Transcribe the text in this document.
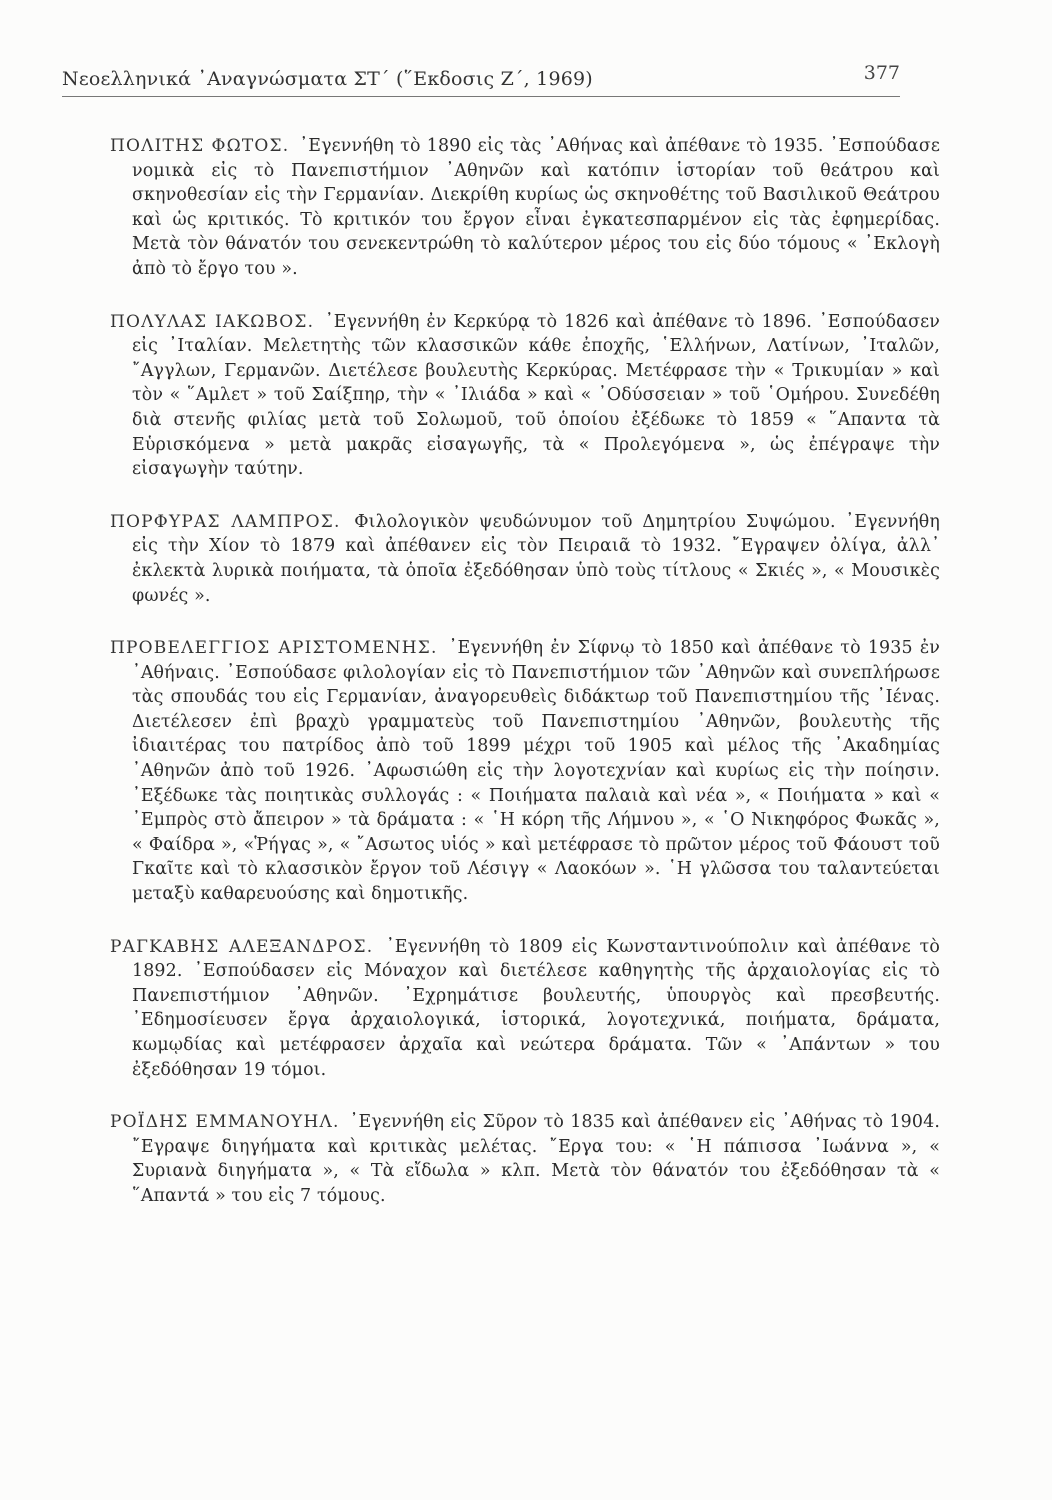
Νεοελληνικά ᾿Αναγνώσματα ΣΤ΄ (῞Εκδοσις Ζ΄, 1969)	377

ΠΟΛΙΤΗΣ ΦΩΤΟΣ. ᾿Εγεννήθη τὸ 1890 εἰς τὰς ᾿Αθήνας καὶ ἀπέθανε τὸ 1935. ᾿Εσπούδασε νομικὰ εἰς τὸ Πανεπιστήμιον ᾿Αθηνῶν καὶ κατόπιν ἱστορίαν τοῦ θεάτρου καὶ σκηνοθεσίαν εἰς τὴν Γερμανίαν. Διεκρίθη κυρίως ὡς σκηνοθέτης τοῦ Βασιλικοῦ Θεάτρου καὶ ὡς κριτικός. Τὸ κριτικόν του ἔργον εἶναι ἐγκατεσπαρμένον εἰς τὰς ἐφημερίδας. Μετὰ τὸν θάνατόν του σενεκεντρώθη τὸ καλύτερον μέρος του εἰς δύο τόμους « ᾿Εκλογὴ ἀπὸ τὸ ἔργο του ».

ΠΟΛΥΛΑΣ ΙΑΚΩΒΟΣ. ᾿Εγεννήθη ἐν Κερκύρᾳ τὸ 1826 καὶ ἀπέθανε τὸ 1896. ᾿Εσπούδασεν εἰς ᾿Ιταλίαν. Μελετητὴς τῶν κλασσικῶν κάθε ἐποχῆς, ῾Ελλήνων, Λατίνων, ᾿Ιταλῶν, ῎Αγγλων, Γερμανῶν. Διετέλεσε βουλευτὴς Κερκύρας. Μετέφρασε τὴν « Τρικυμίαν » καὶ τὸν « ῞Αμλετ » τοῦ Σαίξπηρ, τὴν « ᾿Ιλιάδα » καὶ « ᾿Οδύσσειαν » τοῦ ῾Ομήρου. Συνεδέθη διὰ στενῆς φιλίας μετὰ τοῦ Σολωμοῦ, τοῦ ὁποίου ἐξέδωκε τὸ 1859 « ῞Απαντα τὰ Εὑρισκόμενα » μετὰ μακρᾶς εἰσαγωγῆς, τὰ « Προλεγόμενα », ὡς ἐπέγραψε τὴν εἰσαγωγὴν ταύτην.

ΠΟΡΦΥΡΑΣ ΛΑΜΠΡΟΣ. Φιλολογικὸν ψευδώνυμον τοῦ Δημητρίου Συψώμου. ᾿Εγεννήθη εἰς τὴν Χίον τὸ 1879 καὶ ἀπέθανεν εἰς τὸν Πειραιᾶ τὸ 1932. ῎Εγραψεν ὀλίγα, ἀλλ᾿ ἐκλεκτὰ λυρικὰ ποιήματα, τὰ ὁποῖα ἐξεδόθησαν ὑπὸ τοὺς τίτλους « Σκιές », « Μουσικὲς φωνές ».

ΠΡΟΒΕΛΕΓΓΙΟΣ ΑΡΙΣΤΟΜΕΝΗΣ. ᾿Εγεννήθη ἐν Σίφνῳ τὸ 1850 καὶ ἀπέθανε τὸ 1935 ἐν ᾿Αθήναις. ᾿Εσπούδασε φιλολογίαν εἰς τὸ Πανεπιστήμιον τῶν ᾿Αθηνῶν καὶ συνεπλήρωσε τὰς σπουδάς του εἰς Γερμανίαν, ἀναγορευθεὶς διδάκτωρ τοῦ Πανεπιστημίου τῆς ᾿Ιένας. Διετέλεσεν ἐπὶ βραχὺ γραμματεὺς τοῦ Πανεπιστημίου ᾿Αθηνῶν, βουλευτὴς τῆς ἰδιαιτέρας του πατρίδος ἀπὸ τοῦ 1899 μέχρι τοῦ 1905 καὶ μέλος τῆς ᾿Ακαδημίας ᾿Αθηνῶν ἀπὸ τοῦ 1926. ᾿Αφωσιώθη εἰς τὴν λογοτεχνίαν καὶ κυρίως εἰς τὴν ποίησιν. ᾿Εξέδωκε τὰς ποιητικὰς συλλογάς : « Ποιήματα παλαιὰ καὶ νέα », « Ποιήματα » καὶ « ᾿Εμπρὸς στὸ ἄπειρον » τὰ δράματα : « ῾Η κόρη τῆς Λήμνου », « ῾Ο Νικηφόρος Φωκᾶς », « Φαίδρα », «Ῥήγας », « ῎Ασωτος υἱός » καὶ μετέφρασε τὸ πρῶτον μέρος τοῦ Φάουστ τοῦ Γκαῖτε καὶ τὸ κλασσικὸν ἔργον τοῦ Λέσιγγ « Λαοκόων ». ῾Η γλῶσσα του ταλαντεύεται μεταξὺ καθαρευούσης καὶ δημοτικῆς.

ΡΑΓΚΑΒΗΣ ΑΛΕΞΑΝΔΡΟΣ. ᾿Εγεννήθη τὸ 1809 εἰς Κωνσταντινούπολιν καὶ ἀπέθανε τὸ 1892. ᾿Εσπούδασεν εἰς Μόναχον καὶ διετέλεσε καθηγητὴς τῆς ἀρχαιολογίας εἰς τὸ Πανεπιστήμιον ᾿Αθηνῶν. ᾿Εχρημάτισε βουλευτής, ὑπουργὸς καὶ πρεσβευτής. ᾿Εδημοσίευσεν ἔργα ἀρχαιολογικά, ἱστορικά, λογοτεχνικά, ποιήματα, δράματα, κωμῳδίας καὶ μετέφρασεν ἀρχαῖα καὶ νεώτερα δράματα. Τῶν « ᾿Απάντων » του ἐξεδόθησαν 19 τόμοι.

ΡΟΪΔΗΣ ΕΜΜΑΝΟΥΗΛ. ᾿Εγεννήθη εἰς Σῦρον τὸ 1835 καὶ ἀπέθανεν εἰς ᾿Αθήνας τὸ 1904. ῎Εγραψε διηγήματα καὶ κριτικὰς μελέτας. ῎Εργα του: « ῾Η πάπισσα ᾿Ιωάννα », « Συριανὰ διηγήματα », « Τὰ εἴδωλα » κλπ. Μετὰ τὸν θάνατόν του ἐξεδόθησαν τὰ « ῞Απαντά » του εἰς 7 τόμους.
